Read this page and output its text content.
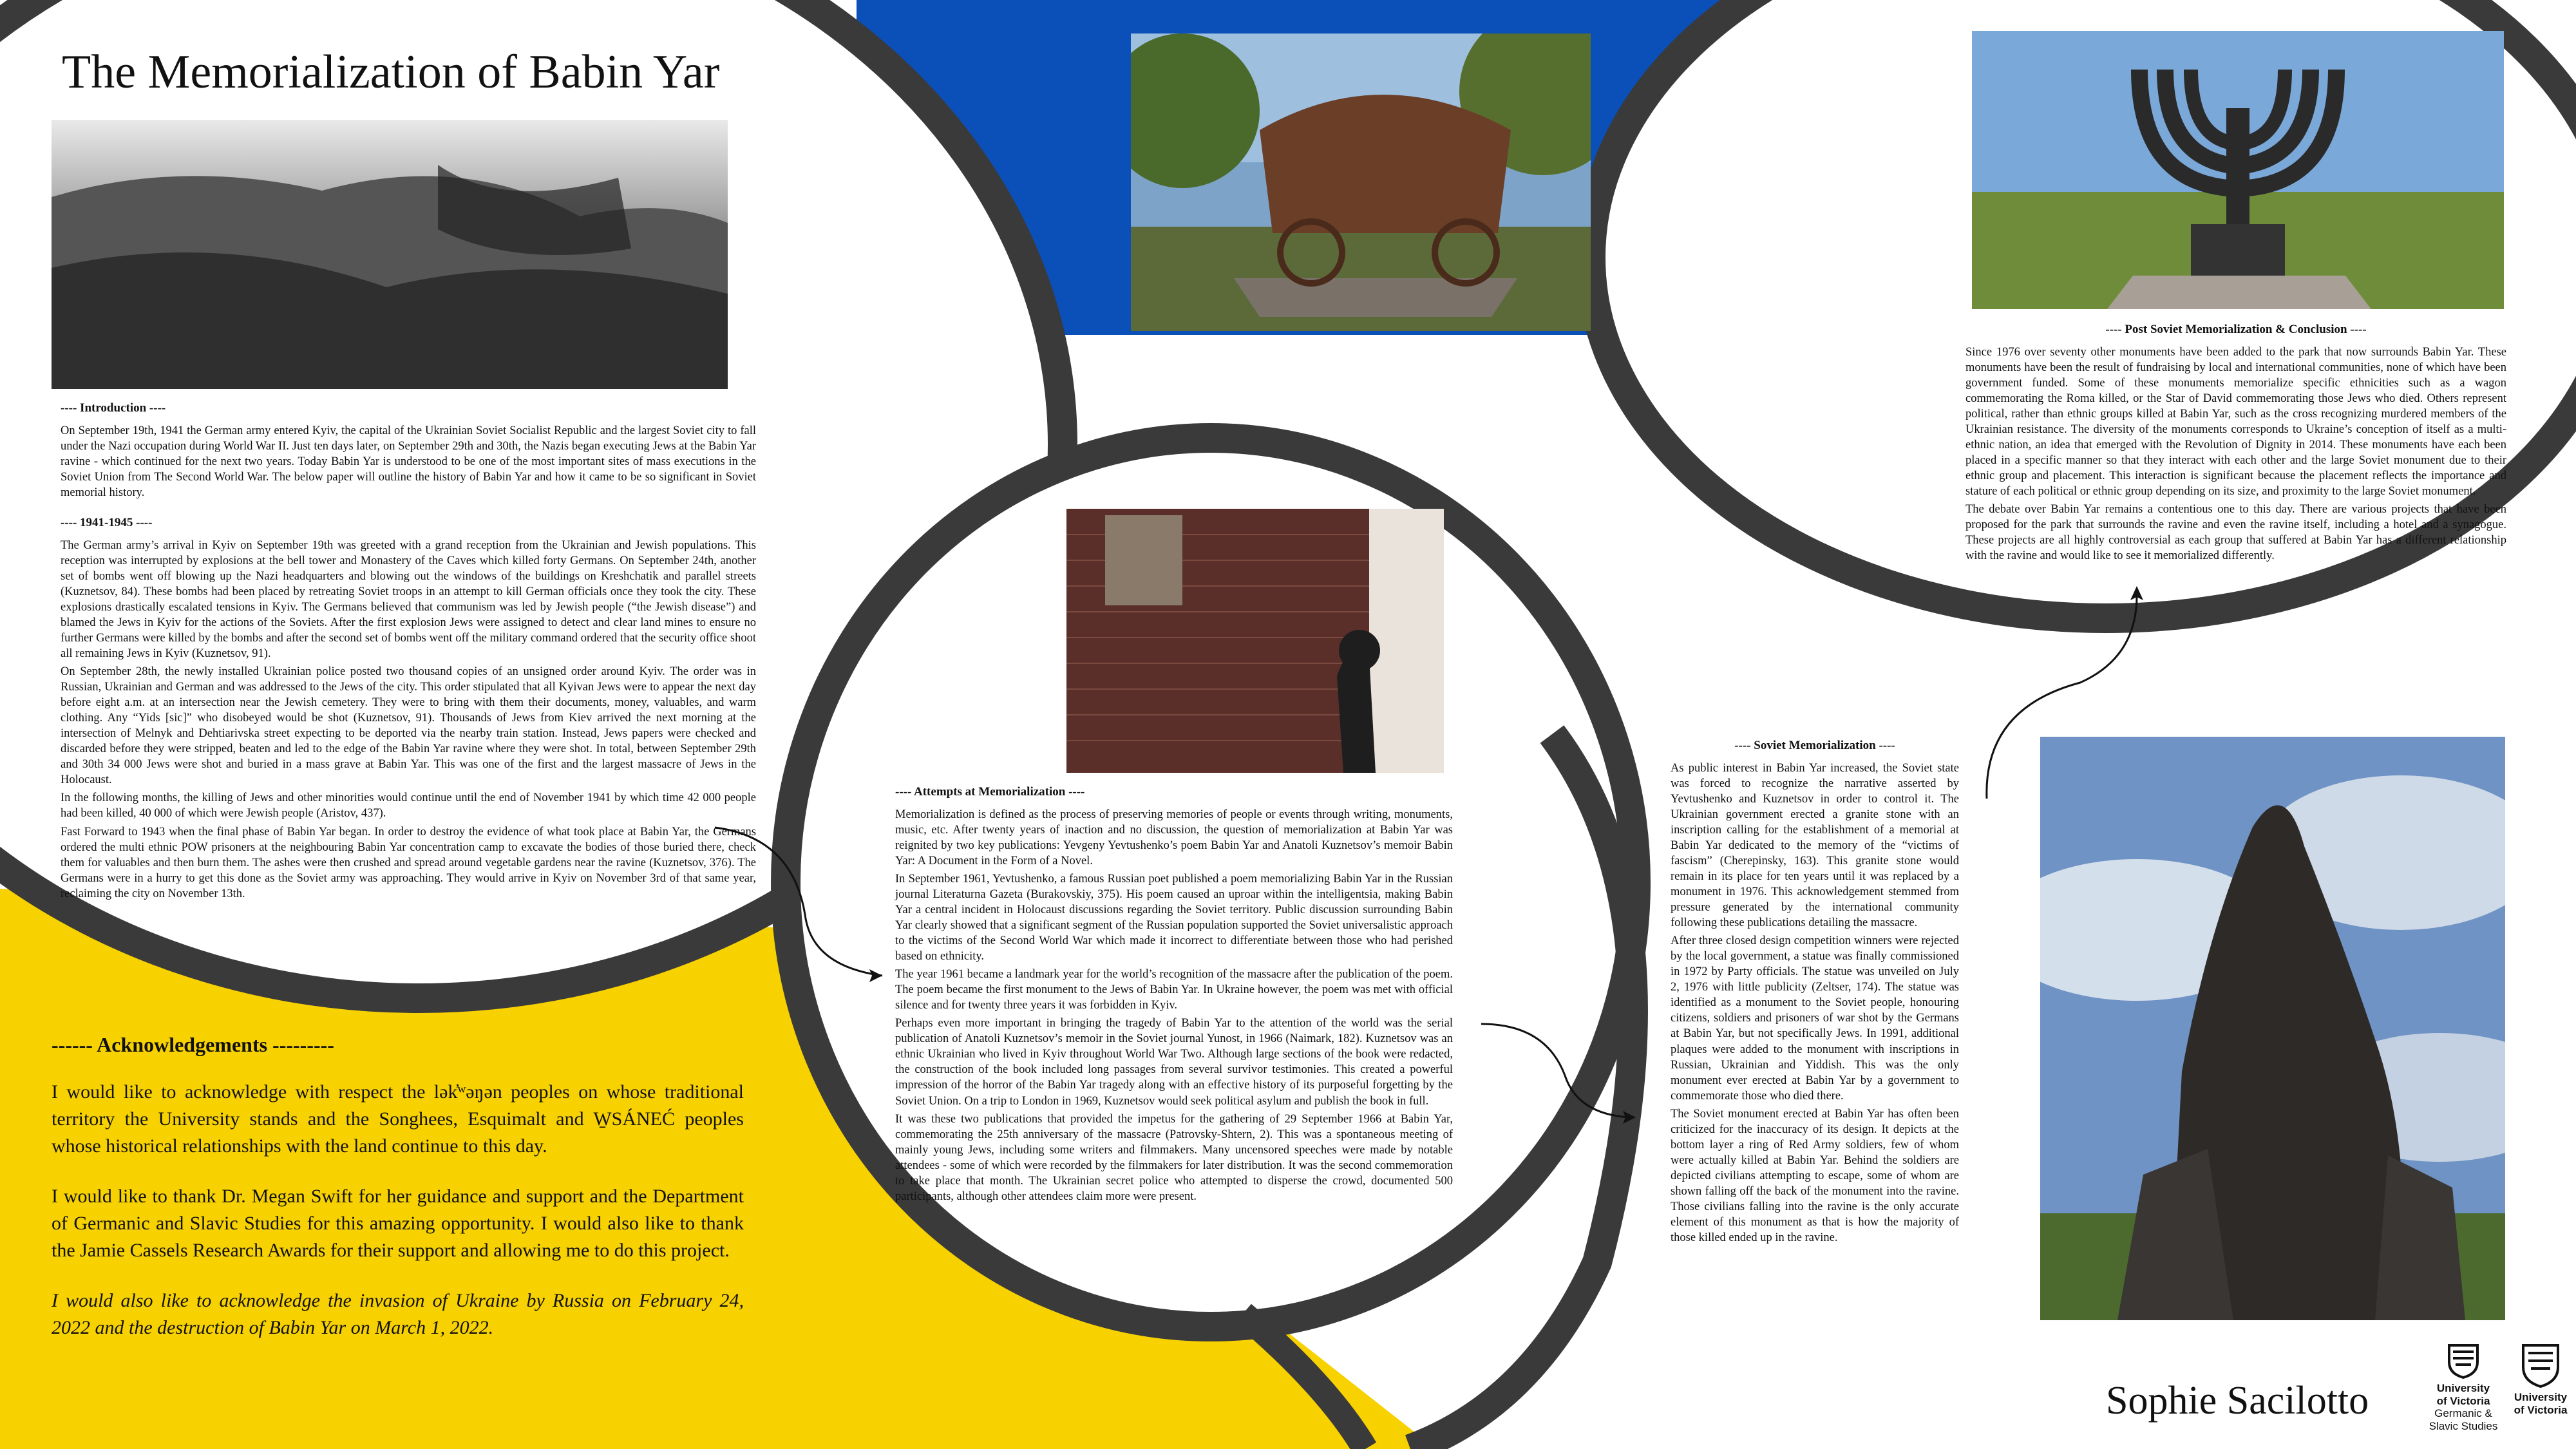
The Memorialization of Babin Yar
---- Introduction ----

On September 19th, 1941 the German army entered Kyiv, the capital of the Ukrainian Soviet Socialist Republic and the largest Soviet city to fall under the Nazi occupation during World War II. Just ten days later, on September 29th and 30th, the Nazis began executing Jews at the Babin Yar ravine - which continued for the next two years. Today Babin Yar is understood to be one of the most important sites of mass executions in the Soviet Union from The Second World War. The below paper will outline the history of Babin Yar and how it came to be so significant in Soviet memorial history.

---- 1941-1945 ----

The German army’s arrival in Kyiv on September 19th was greeted with a grand reception from the Ukrainian and Jewish populations. This reception was interrupted by explosions at the bell tower and Monastery of the Caves which killed forty Germans. On September 24th, another set of bombs went off blowing up the Nazi headquarters and blowing out the windows of the buildings on Kreshchatik and parallel streets (Kuznetsov, 84). These bombs had been placed by retreating Soviet troops in an attempt to kill German officials once they took the city. These explosions drastically escalated tensions in Kyiv. The Germans believed that communism was led by Jewish people (“the Jewish disease”) and blamed the Jews in Kyiv for the actions of the Soviets. After the first explosion Jews were assigned to detect and clear land mines to ensure no further Germans were killed by the bombs and after the second set of bombs went off the military command ordered that the security office shoot all remaining Jews in Kyiv (Kuznetsov, 91).

On September 28th, the newly installed Ukrainian police posted two thousand copies of an unsigned order around Kyiv. The order was in Russian, Ukrainian and German and was addressed to the Jews of the city. This order stipulated that all Kyivan Jews were to appear the next day before eight a.m. at an intersection near the Jewish cemetery. They were to bring with them their documents, money, valuables, and warm clothing. Any “Yids [sic]” who disobeyed would be shot (Kuznetsov, 91). Thousands of Jews from Kiev arrived the next morning at the intersection of Melnyk and Dehtiarivska street expecting to be deported via the nearby train station. Instead, Jews papers were checked and discarded before they were stripped, beaten and led to the edge of the Babin Yar ravine where they were shot. In total, between September 29th and 30th 34 000 Jews were shot and buried in a mass grave at Babin Yar. This was one of the first and the largest massacre of Jews in the Holocaust.

In the following months, the killing of Jews and other minorities would continue until the end of November 1941 by which time 42 000 people had been killed, 40 000 of which were Jewish people (Aristov, 437).

Fast Forward to 1943 when the final phase of Babin Yar began. In order to destroy the evidence of what took place at Babin Yar, the Germans ordered the multi ethnic POW prisoners at the neighbouring Babin Yar concentration camp to excavate the bodies of those buried there, check them for valuables and then burn them. The ashes were then crushed and spread around vegetable gardens near the ravine (Kuznetsov, 376). The Germans were in a hurry to get this done as the Soviet army was approaching. They would arrive in Kyiv on November 3rd of that same year, reclaiming the city on November 13th.

------ Acknowledgements ---------

I would like to acknowledge with respect the lək̓ʷəŋən peoples on whose traditional territory the University stands and the Songhees, Esquimalt and W̱SÁNEĆ peoples whose historical relationships with the land continue to this day.

I would like to thank Dr. Megan Swift for her guidance and support and the Department of Germanic and Slavic Studies for this amazing opportunity. I would also like to thank the Jamie Cassels Research Awards for their support and allowing me to do this project.

I would also like to acknowledge the invasion of Ukraine by Russia on February 24, 2022 and the destruction of Babin Yar on March 1, 2022.

---- Post Soviet Memorialization & Conclusion ----

Since 1976 over seventy other monuments have been added to the park that now surrounds Babin Yar. These monuments have been the result of fundraising by local and international communities, none of which have been government funded. Some of these monuments memorialize specific ethnicities such as a wagon commemorating the Roma killed, or the Star of David commemorating those Jews who died. Others represent political, rather than ethnic groups killed at Babin Yar, such as the cross recognizing murdered members of the Ukrainian resistance. The diversity of the monuments corresponds to Ukraine’s conception of itself as a multi-ethnic nation, an idea that emerged with the Revolution of Dignity in 2014. These monuments have each been placed in a specific manner so that they interact with each other and the large Soviet monument due to their ethnic group and placement. This interaction is significant because the placement reflects the importance and stature of each political or ethnic group depending on its size, and proximity to the large Soviet monument.

The debate over Babin Yar remains a contentious one to this day. There are various projects that have been proposed for the park that surrounds the ravine and even the ravine itself, including a hotel and a synagogue. These projects are all highly controversial as each group that suffered at Babin Yar has a different relationship with the ravine and would like to see it memorialized differently.

---- Attempts at Memorialization ----

Memorialization is defined as the process of preserving memories of people or events through writing, monuments, music, etc. After twenty years of inaction and no discussion, the question of memorialization at Babin Yar was reignited by two key publications: Yevgeny Yevtushenko’s poem Babin Yar and Anatoli Kuznetsov’s memoir Babin Yar: A Document in the Form of a Novel.

In September 1961, Yevtushenko, a famous Russian poet published a poem memorializing Babin Yar in the Russian journal Literaturna Gazeta (Burakovskiy, 375). His poem caused an uproar within the intelligentsia, making Babin Yar a central incident in Holocaust discussions regarding the Soviet territory. Public discussion surrounding Babin Yar clearly showed that a significant segment of the Russian population supported the Soviet universalistic approach to the victims of the Second World War which made it incorrect to differentiate between those who had perished based on ethnicity.

The year 1961 became a landmark year for the world’s recognition of the massacre after the publication of the poem. The poem became the first monument to the Jews of Babin Yar. In Ukraine however, the poem was met with official silence and for twenty three years it was forbidden in Kyiv.

Perhaps even more important in bringing the tragedy of Babin Yar to the attention of the world was the serial publication of Anatoli Kuznetsov’s memoir in the Soviet journal Yunost, in 1966 (Naimark, 182). Kuznetsov was an ethnic Ukrainian who lived in Kyiv throughout World War Two. Although large sections of the book were redacted, the construction of the book included long passages from several survivor testimonies. This created a powerful impression of the horror of the Babin Yar tragedy along with an effective history of its purposeful forgetting by the Soviet Union. On a trip to London in 1969, Kuznetsov would seek political asylum and publish the book in full.

It was these two publications that provided the impetus for the gathering of 29 September 1966 at Babin Yar, commemorating the 25th anniversary of the massacre (Patrovsky-Shtern, 2). This was a spontaneous meeting of mainly young Jews, including some writers and filmmakers. Many uncensored speeches were made by notable attendees - some of which were recorded by the filmmakers for later distribution. It was the second commemoration to take place that month. The Ukrainian secret police who attempted to disperse the crowd, documented 500 participants, although other attendees claim more were present.

---- Soviet Memorialization ----

As public interest in Babin Yar increased, the Soviet state was forced to recognize the narrative asserted by Yevtushenko and Kuznetsov in order to control it. The Ukrainian government erected a granite stone with an inscription calling for the establishment of a memorial at Babin Yar dedicated to the memory of the “victims of fascism” (Cherepinsky, 163). This granite stone would remain in its place for ten years until it was replaced by a monument in 1976. This acknowledgement stemmed from pressure generated by the international community following these publications detailing the massacre.

After three closed design competition winners were rejected by the local government, a statue was finally commissioned in 1972 by Party officials. The statue was unveiled on July 2, 1976 with little publicity (Zeltser, 174). The statue was identified as a monument to the Soviet people, honouring citizens, soldiers and prisoners of war shot by the Germans at Babin Yar, but not specifically Jews. In 1991, additional plaques were added to the monument with inscriptions in Russian, Ukrainian and Yiddish. This was the only monument ever erected at Babin Yar by a government to commemorate those who died there.

The Soviet monument erected at Babin Yar has often been criticized for the inaccuracy of its design. It depicts at the bottom layer a ring of Red Army soldiers, few of whom were actually killed at Babin Yar. Behind the soldiers are depicted civilians attempting to escape, some of whom are shown falling off the back of the monument into the ravine. Those civilians falling into the ravine is the only accurate element of this monument as that is how the majority of those killed ended up in the ravine.

Sophie Sacilotto	University
of Victoria
Germanic &
Slavic Studies
University
of Victoria
